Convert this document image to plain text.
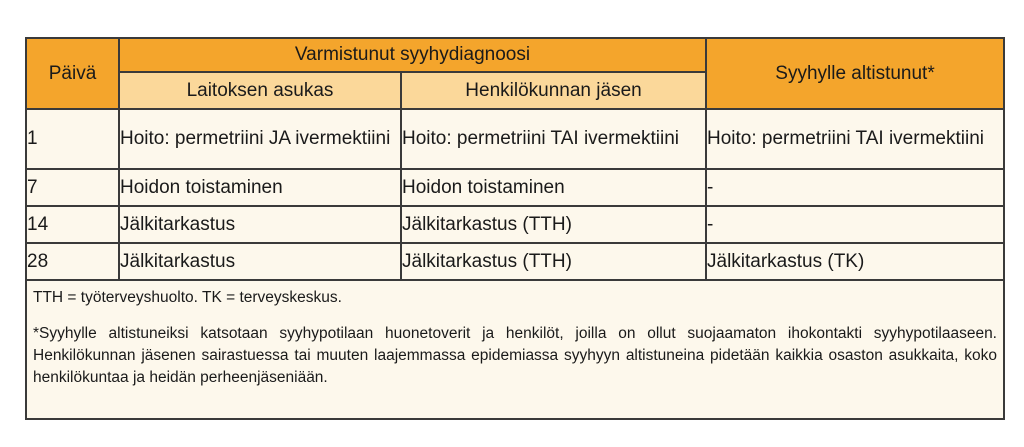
Päivä	Varmistunut syyhydiagnoosi		Syyhylle altistunut*
	Laitoksen asukas	Henkilökunnan jäsen	
1	Hoito: permetriini JA ivermektiini	Hoito: permetriini TAI ivermektiini	Hoito: permetriini TAI ivermektiini
7	Hoidon toistaminen	Hoidon toistaminen	-
14	Jälkitarkastus	Jälkitarkastus (TTH)	-
28	Jälkitarkastus	Jälkitarkastus (TTH)	Jälkitarkastus (TK)

TTH = työterveyshuolto. TK = terveyskeskus.

*Syyhylle altistuneiksi katsotaan syyhypotilaan huonetoverit ja henkilöt, joilla on ollut suojaamaton ihokontakti syyhypotilaaseen. Henkilökunnan jäsenen sairastuessa tai muuten laajemmassa epidemiassa syyhyyn altistuneina pidetään kaikkia osaston asukkaita, koko henkilökuntaa ja heidän perheenjäseniään.
